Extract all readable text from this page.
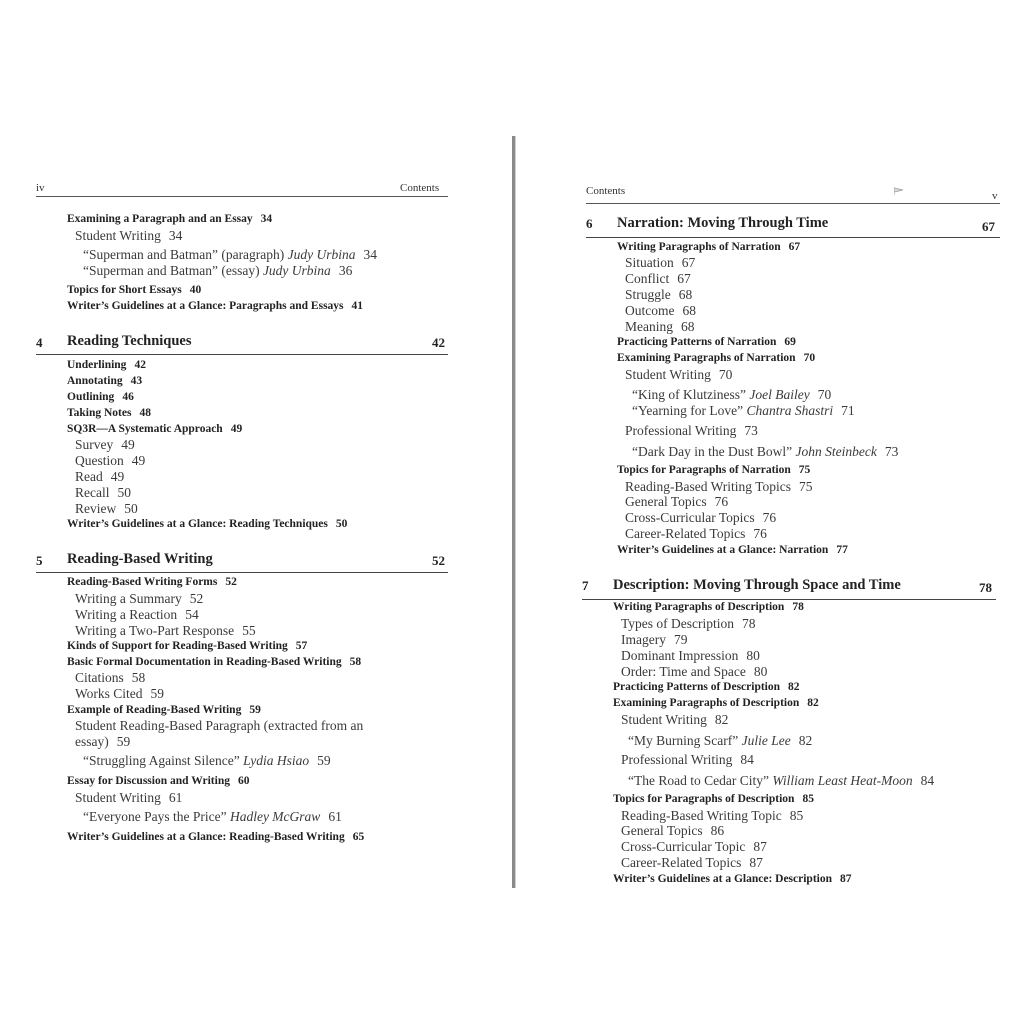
iv	Contents
Examining a Paragraph and an Essay 34
Student Writing 34
“Superman and Batman” (paragraph) Judy Urbina 34
“Superman and Batman” (essay) Judy Urbina 36
Topics for Short Essays 40
Writer’s Guidelines at a Glance: Paragraphs and Essays 41
4 Reading Techniques	42
Underlining 42
Annotating 43
Outlining 46
Taking Notes 48
SQ3R—A Systematic Approach 49
Survey 49
Question 49
Read 49
Recall 50
Review 50
Writer’s Guidelines at a Glance: Reading Techniques 50
5 Reading-Based Writing	52
Reading-Based Writing Forms 52
Writing a Summary 52
Writing a Reaction 54
Writing a Two-Part Response 55
Kinds of Support for Reading-Based Writing 57
Basic Formal Documentation in Reading-Based Writing 58
Citations 58
Works Cited 59
Example of Reading-Based Writing 59
Student Reading-Based Paragraph (extracted from an
essay) 59
“Struggling Against Silence” Lydia Hsiao 59
Essay for Discussion and Writing 60
Student Writing 61
“Everyone Pays the Price” Hadley McGraw 61
Writer’s Guidelines at a Glance: Reading-Based Writing 65
Contents	v
6 Narration: Moving Through Time	67
Writing Paragraphs of Narration 67
Situation 67
Conflict 67
Struggle 68
Outcome 68
Meaning 68
Practicing Patterns of Narration 69
Examining Paragraphs of Narration 70
Student Writing 70
“King of Klutziness” Joel Bailey 70
“Yearning for Love” Chantra Shastri 71
Professional Writing 73
“Dark Day in the Dust Bowl” John Steinbeck 73
Topics for Paragraphs of Narration 75
Reading-Based Writing Topics 75
General Topics 76
Cross-Curricular Topics 76
Career-Related Topics 76
Writer’s Guidelines at a Glance: Narration 77
7 Description: Moving Through Space and Time	78
Writing Paragraphs of Description 78
Types of Description 78
Imagery 79
Dominant Impression 80
Order: Time and Space 80
Practicing Patterns of Description 82
Examining Paragraphs of Description 82
Student Writing 82
“My Burning Scarf” Julie Lee 82
Professional Writing 84
“The Road to Cedar City” William Least Heat-Moon 84
Topics for Paragraphs of Description 85
Reading-Based Writing Topic 85
General Topics 86
Cross-Curricular Topic 87
Career-Related Topics 87
Writer’s Guidelines at a Glance: Description 87
